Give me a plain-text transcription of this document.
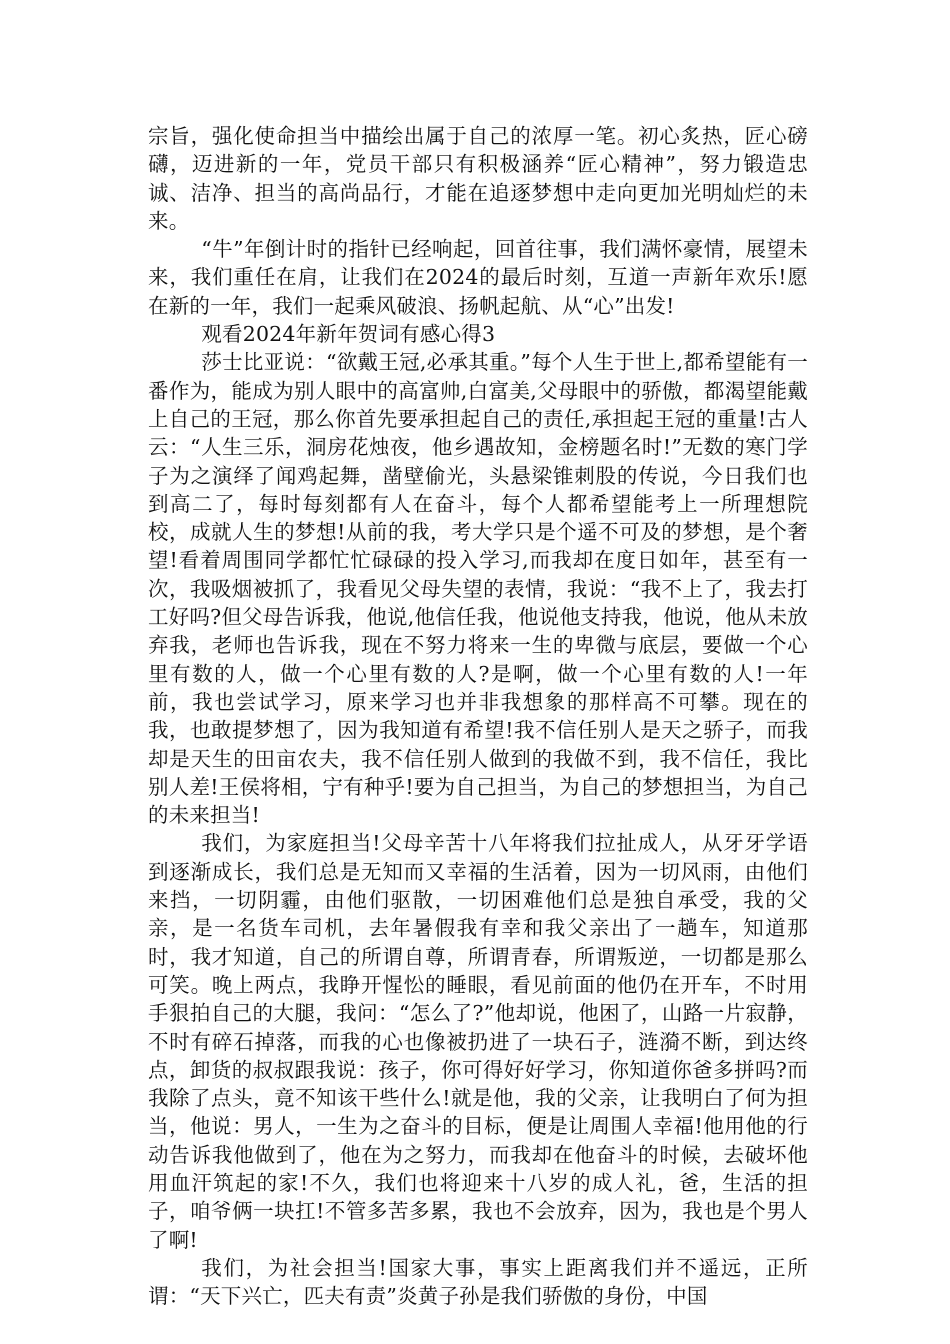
宗旨，强化使命担当中描绘出属于自己的浓厚一笔。初心炙热，匠心磅礴，迈进新的一年，党员干部只有积极涵养“匠心精神”，努力锻造忠诚、洁净、担当的高尚品行，才能在追逐梦想中走向更加光明灿烂的未来。

“牛”年倒计时的指针已经响起，回首往事，我们满怀豪情，展望未来，我们重任在肩，让我们在2024的最后时刻，互道一声新年欢乐!愿在新的一年，我们一起乘风破浪、扬帆起航、从“心”出发!

观看2024年新年贺词有感心得3

莎士比亚说：“欲戴王冠,必承其重。”每个人生于世上,都希望能有一番作为，能成为别人眼中的高富帅,白富美,父母眼中的骄傲，都渴望能戴上自己的王冠，那么你首先要承担起自己的责任,承担起王冠的重量!古人云：“人生三乐，洞房花烛夜，他乡遇故知，金榜题名时!”无数的寒门学子为之演绎了闻鸡起舞，凿壁偷光，头悬梁锥刺股的传说，今日我们也到高二了，每时每刻都有人在奋斗，每个人都希望能考上一所理想院校，成就人生的梦想!从前的我，考大学只是个遥不可及的梦想，是个奢望!看着周围同学都忙忙碌碌的投入学习,而我却在度日如年，甚至有一次，我吸烟被抓了，我看见父母失望的表情，我说：“我不上了，我去打工好吗?但父母告诉我，他说,他信任我，他说他支持我，他说，他从未放弃我，老师也告诉我，现在不努力将来一生的卑微与底层，要做一个心里有数的人，做一个心里有数的人?是啊，做一个心里有数的人!一年前，我也尝试学习，原来学习也并非我想象的那样高不可攀。现在的我，也敢提梦想了，因为我知道有希望!我不信任别人是天之骄子，而我却是天生的田亩农夫，我不信任别人做到的我做不到，我不信任，我比别人差!王侯将相，宁有种乎!要为自己担当，为自己的梦想担当，为自己的未来担当!

我们，为家庭担当!父母辛苦十八年将我们拉扯成人，从牙牙学语到逐渐成长，我们总是无知而又幸福的生活着，因为一切风雨，由他们来挡，一切阴霾，由他们驱散，一切困难他们总是独自承受，我的父亲，是一名货车司机，去年暑假我有幸和我父亲出了一趟车，知道那时，我才知道，自己的所谓自尊，所谓青春，所谓叛逆，一切都是那么可笑。晚上两点，我睁开惺忪的睡眼，看见前面的他仍在开车，不时用手狠拍自己的大腿，我问：“怎么了?”他却说，他困了，山路一片寂静，不时有碎石掉落，而我的心也像被扔进了一块石子，涟漪不断，到达终点，卸货的叔叔跟我说：孩子，你可得好好学习，你知道你爸多拼吗?而我除了点头，竟不知该干些什么!就是他，我的父亲，让我明白了何为担当，他说：男人，一生为之奋斗的目标，便是让周围人幸福!他用他的行动告诉我他做到了，他在为之努力，而我却在他奋斗的时候，去破坏他用血汗筑起的家!不久，我们也将迎来十八岁的成人礼，爸，生活的担子，咱爷俩一块扛!不管多苦多累，我也不会放弃，因为，我也是个男人了啊!

我们，为社会担当!国家大事，事实上距离我们并不遥远，正所谓：“天下兴亡，匹夫有责”炎黄子孙是我们骄傲的身份，中国
